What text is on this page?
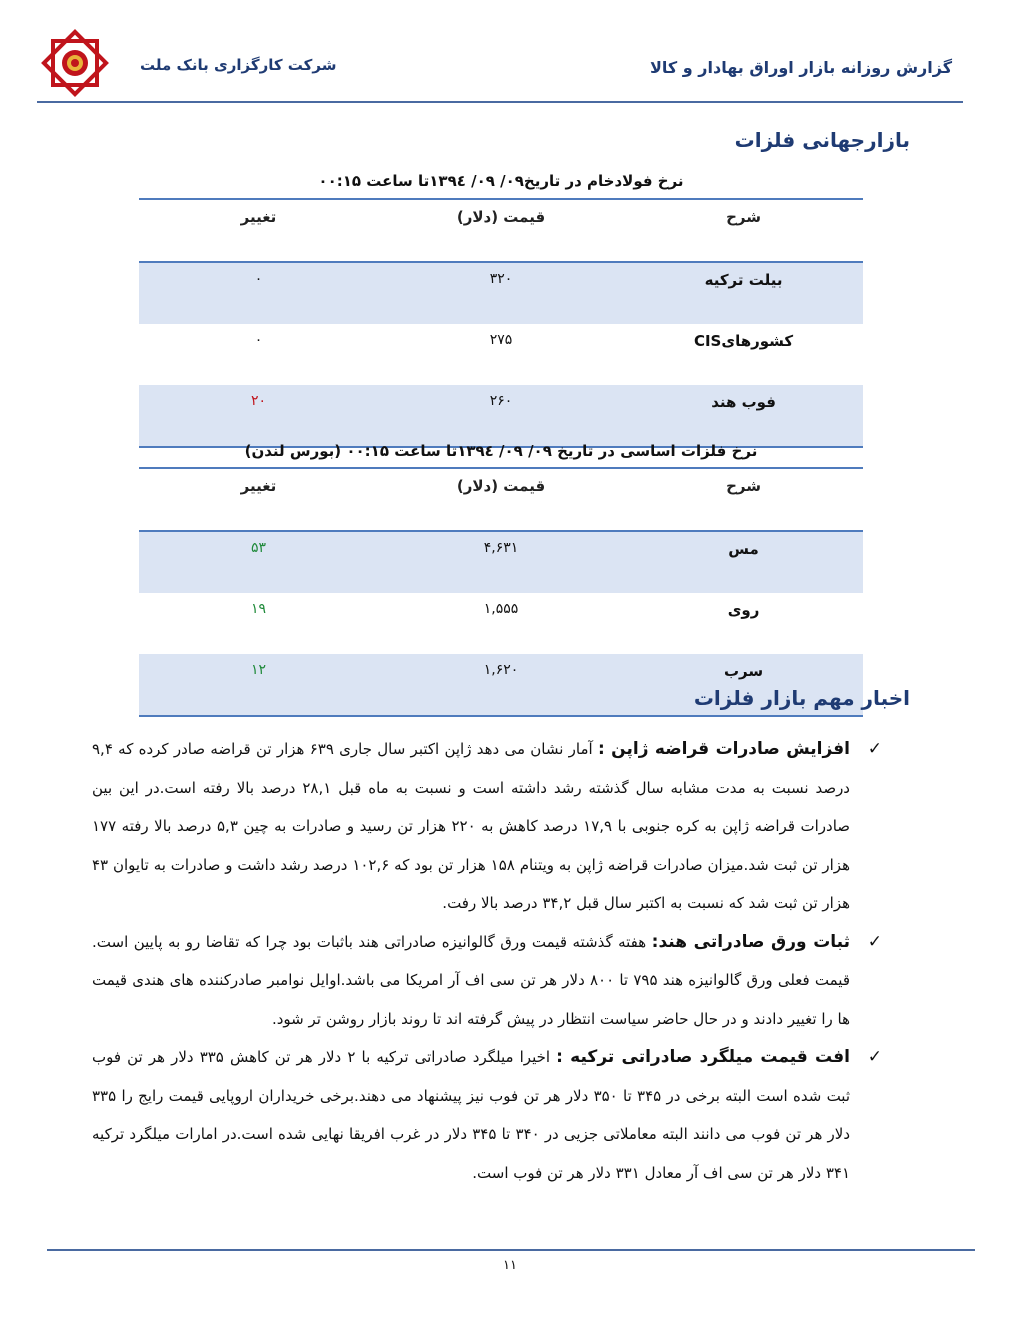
شرکت کارگزاری بانک ملت	گزارش روزانه بازار اوراق بهادار و کالا
بازارجهانی فلزات
نرخ فولادخام در تاریخ۰۹/ ۰۹/ ۱۳۹٤تا ساعت ۰۰:۱۵
شرح	قیمت (دلار)	تغییر
بیلت ترکیه	۳۲۰	۰
کشورهایCIS	۲۷۵	۰
فوب هند	۲۶۰	۲۰
نرخ فلزات اساسی در تاریخ ۰۹/ ۰۹/ ۱۳۹٤تا ساعت ۰۰:۱۵ (بورس لندن)
شرح	قیمت (دلار)	تغییر
مس	۴,۶۳۱	۵۳
روی	۱,۵۵۵	۱۹
سرب	۱,۶۲۰	۱۲
اخبار مهم بازار فلزات
✓
افزایش صادرات قراضه ژاپن : آمار نشان می دهد ژاپن اکتبر سال جاری ۶۳۹ هزار تن قراضه صادر کرده که ۹,۴ درصد نسبت به مدت مشابه سال گذشته رشد داشته است و نسبت به ماه قبل ۲۸,۱ درصد بالا رفته است.در این بین صادرات قراضه ژاپن به کره جنوبی با ۱۷,۹ درصد کاهش به ۲۲۰ هزار تن رسید و صادرات به چین ۵,۳ درصد بالا رفته ۱۷۷ هزار تن ثبت شد.میزان صادرات قراضه ژاپن به ویتنام ۱۵۸ هزار تن بود که ۱۰۲,۶ درصد رشد داشت و صادرات به تایوان ۴۳ هزار تن ثبت شد که نسبت به اکتبر سال قبل ۳۴,۲ درصد بالا رفت.
✓
ثبات ورق صادراتی هند: هفته گذشته قیمت ورق گالوانیزه صادراتی هند باثبات بود چرا که تقاضا رو به پایین است. قیمت فعلی ورق گالوانیزه هند ۷۹۵ تا ۸۰۰ دلار هر تن سی اف آر امریکا می باشد.اوایل نوامبر صادرکننده های هندی قیمت ها را تغییر دادند و در حال حاضر سیاست انتظار در پیش گرفته اند تا روند بازار روشن تر شود.
✓
افت قیمت میلگرد صادراتی ترکیه : اخیرا میلگرد صادراتی ترکیه با ۲ دلار هر تن کاهش ۳۳۵ دلار هر تن فوب ثبت شده است البته برخی در ۳۴۵ تا ۳۵۰ دلار هر تن فوب نیز پیشنهاد می دهند.برخی خریداران اروپایی قیمت رایج را ۳۳۵ دلار هر تن فوب می دانند البته معاملاتی جزیی در ۳۴۰ تا ۳۴۵ دلار در غرب افریقا نهایی شده است.در امارات میلگرد ترکیه ۳۴۱ دلار هر تن سی اف آر معادل ۳۳۱ دلار هر تن فوب است.
۱۱
